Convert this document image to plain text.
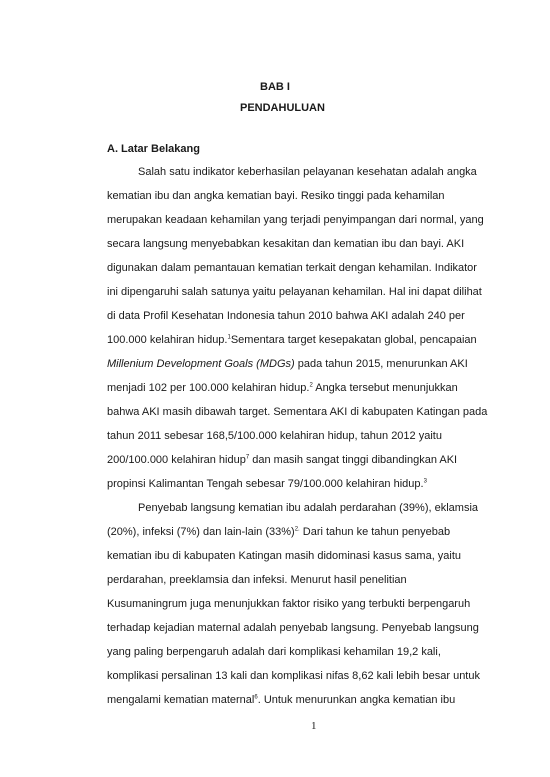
BAB I
PENDAHULUAN
A. Latar Belakang
Salah satu indikator keberhasilan pelayanan kesehatan adalah angka
kematian ibu dan angka kematian bayi. Resiko tinggi pada kehamilan
merupakan keadaan kehamilan yang terjadi penyimpangan dari normal, yang
secara langsung menyebabkan kesakitan dan kematian ibu dan bayi. AKI
digunakan dalam pemantauan kematian terkait dengan kehamilan. Indikator
ini dipengaruhi salah satunya yaitu pelayanan kehamilan. Hal ini dapat dilihat
di data Profil Kesehatan Indonesia tahun 2010 bahwa AKI adalah 240 per
100.000 kelahiran hidup.$^1$Sementara target kesepakatan global, pencapaian
Millenium Development Goals (MDGs) pada tahun 2015, menurunkan AKI
menjadi 102 per 100.000 kelahiran hidup.$^2$ Angka tersebut menunjukkan
bahwa AKI masih dibawah target. Sementara AKI di kabupaten Katingan pada
tahun 2011 sebesar 168,5/100.000 kelahiran hidup, tahun 2012 yaitu
200/100.000 kelahiran hidup$^7$ dan masih sangat tinggi dibandingkan AKI
propinsi Kalimantan Tengah sebesar 79/100.000 kelahiran hidup.$^3$
Penyebab langsung kematian ibu adalah perdarahan (39%), eklamsia
(20%), infeksi (7%) dan lain-lain $(33\%)^{2.}$ Dari tahun ke tahun penyebab
kematian ibu di kabupaten Katingan masih didominasi kasus sama, yaitu
perdarahan, preeklamsia dan infeksi. Menurut hasil penelitian
Kusumaningrum juga menunjukkan faktor risiko yang terbukti berpengaruh
terhadap kejadian maternal adalah penyebab langsung. Penyebab langsung
yang paling berpengaruh adalah dari komplikasi kehamilan 19,2 kali,
komplikasi persalinan 13 kali dan komplikasi nifas 8,62 kali lebih besar untuk
mengalami kematian maternal$^6$. Untuk menurunkan angka kematian ibu
1
